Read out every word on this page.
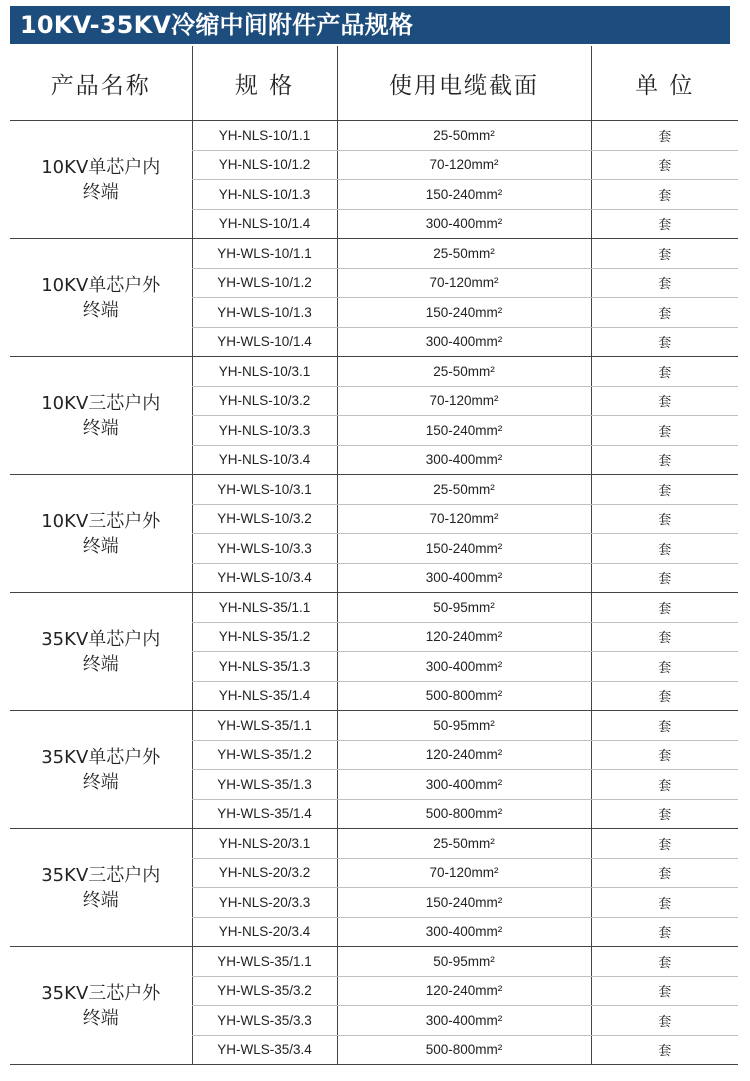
10KV-35KV冷缩中间附件产品规格
产品名称	规 格	使用电缆截面	单 位

10KV单芯户内
终端	YH-NLS-10/1.1	25-50mm²	套
	YH-NLS-10/1.2	70-120mm²	套
	YH-NLS-10/1.3	150-240mm²	套
	YH-NLS-10/1.4	300-400mm²	套

10KV单芯户外
终端	YH-WLS-10/1.1	25-50mm²	套
	YH-WLS-10/1.2	70-120mm²	套
	YH-WLS-10/1.3	150-240mm²	套
	YH-WLS-10/1.4	300-400mm²	套

10KV三芯户内
终端	YH-NLS-10/3.1	25-50mm²	套
	YH-NLS-10/3.2	70-120mm²	套
	YH-NLS-10/3.3	150-240mm²	套
	YH-NLS-10/3.4	300-400mm²	套

10KV三芯户外
终端	YH-WLS-10/3.1	25-50mm²	套
	YH-WLS-10/3.2	70-120mm²	套
	YH-WLS-10/3.3	150-240mm²	套
	YH-WLS-10/3.4	300-400mm²	套

35KV单芯户内
终端	YH-NLS-35/1.1	50-95mm²	套
	YH-NLS-35/1.2	120-240mm²	套
	YH-NLS-35/1.3	300-400mm²	套
	YH-NLS-35/1.4	500-800mm²	套

35KV单芯户外
终端	YH-WLS-35/1.1	50-95mm²	套
	YH-WLS-35/1.2	120-240mm²	套
	YH-WLS-35/1.3	300-400mm²	套
	YH-WLS-35/1.4	500-800mm²	套

35KV三芯户内
终端	YH-NLS-20/3.1	25-50mm²	套
	YH-NLS-20/3.2	70-120mm²	套
	YH-NLS-20/3.3	150-240mm²	套
	YH-NLS-20/3.4	300-400mm²	套

35KV三芯户外
终端	YH-WLS-35/1.1	50-95mm²	套
	YH-WLS-35/3.2	120-240mm²	套
	YH-WLS-35/3.3	300-400mm²	套
	YH-WLS-35/3.4	500-800mm²	套
